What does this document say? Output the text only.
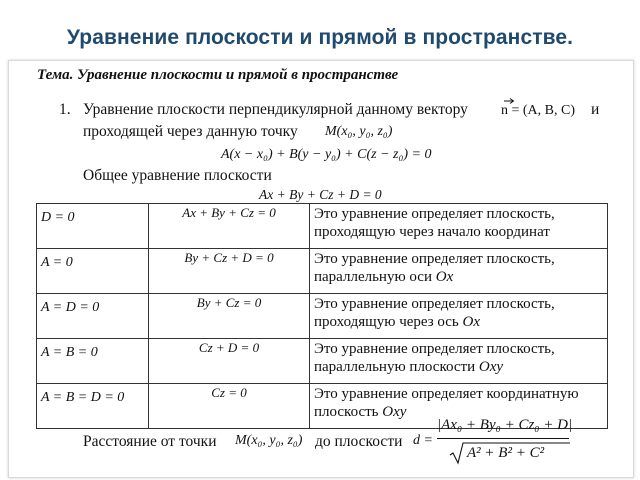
Уравнение плоскости и прямой в пространстве.
Тема. Уравнение плоскости и прямой в пространстве
1. Уравнение плоскости перпендикулярной данному вектору n = (A, B, C) и
проходящей через данную точку M(x₀, y₀, z₀)
A(x − x₀) + B(y − y₀) + C(z − z₀) = 0
Общее уравнение плоскости
Ax + By + Cz + D = 0
D = 0	Ax + By + Cz = 0	Это уравнение определяет плоскость, проходящую через начало координат
A = 0	By + Cz + D = 0	Это уравнение определяет плоскость, параллельную оси Ox
A = D = 0	By + Cz = 0	Это уравнение определяет плоскость, проходящую через ось Ox
A = B = 0	Cz + D = 0	Это уравнение определяет плоскость, параллельную плоскости Oxy
A = B = D = 0	Cz = 0	Это уравнение определяет координатную плоскость Oxy
Расстояние от точки M(x₀, y₀, z₀) до плоскости d =
|Ax₀ + By₀ + Cz₀ + D|
A² + B² + C²
